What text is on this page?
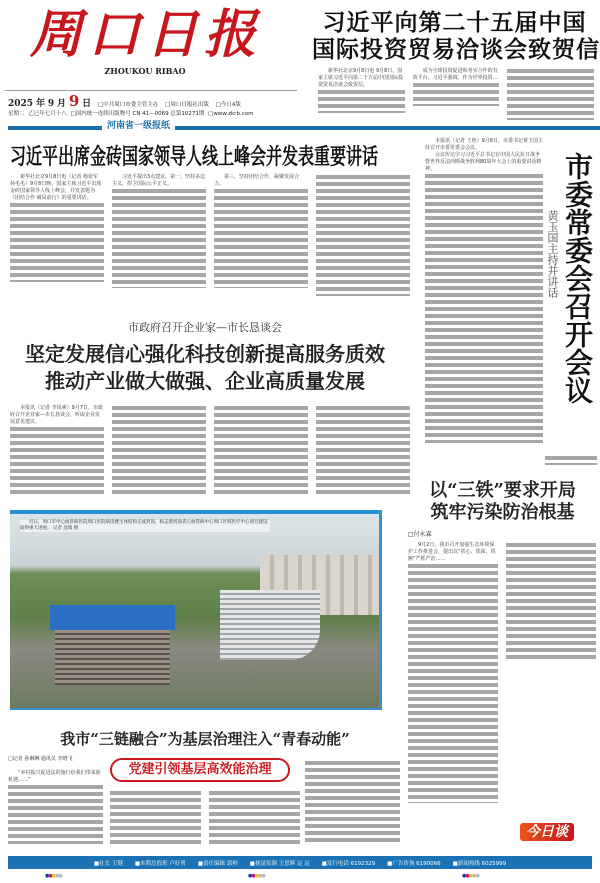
周口日报
ZHOUKOU RIBAO
2025 年 9 月 9 日 □中共周口市委主管主办 □周口日报社出版 □今日4版
星期二 乙巳年七月十八 □国内统一连续出版物号 CN 41—0069 总第10271期 □www.zkrb.com
河南省一级报纸
习近平向第二十五届中国
国际投资贸易洽谈会致贺信

新华社北京9月8日电 9月8日，国家主席习近平向第二十五届中国国际投资贸易洽谈会致贺信。

成为全球投资促进和务实合作的有效平台。习近平强调，作为世界投资...

习近平出席金砖国家领导人线上峰会并发表重要讲话

新华社北京9月8日电（记者 杨依军 孙毛毛）9月8日晚，国家主席习近平出席金砖国家领导人线上峰会，并发表题为《团结合作 破局前行》的重要讲话。

习近平提出3点建议。第一，坚持多边主义，捍卫国际公平正义。

第三，坚持团结合作，凝聚发展合力。

本报讯（记者 王艳）9月8日，市委书记黄玉国主持召开市委常委会会议。

会议传达学习习近平总书记在中国人民抗日战争暨世界反法西斯战争胜利80周年大会上的重要讲话精神。	市委常委会召开会议
黄玉国主持并讲话
市政府召开企业家—市长恳谈会
坚定发展信心强化科技创新提高服务质效
推动产业做大做强、企业高质量发展

本报讯（记者 李凤素）9月7日，市政府召开企业家—市长恳谈会，听取企业发展意见建议。

近日，周口市中心血管病医院周口医院病房楼主体结构完成封顶，标志着河南省心血管病中心周口区域医疗中心项目建设取得重大进展。 记者 沈瑞 摄
以“三铁”要求开局
筑牢污染防治根基
□付永森

9月2日，我市召开加强生态环境保护工作推进会，提出以“铁心、铁面、铁腕”严抓严治……

今日谈
我市“三链融合”为基层治理注入“青春动能”
□记者 孙琳琳 通讯员 李晓飞
党建引领基层高效能治理

“乡村振兴促进法的施行给我们带来新机遇……”

■社长 王键 ■本期总值班 卢好勇 ■责任编辑 郭帅 ■视觉监制 王思辉 运 运 ■发行电话 6192329 ■广告咨询 6190066 ■新闻热线 6025999
●●●●●	●●●●●	●●●●●
